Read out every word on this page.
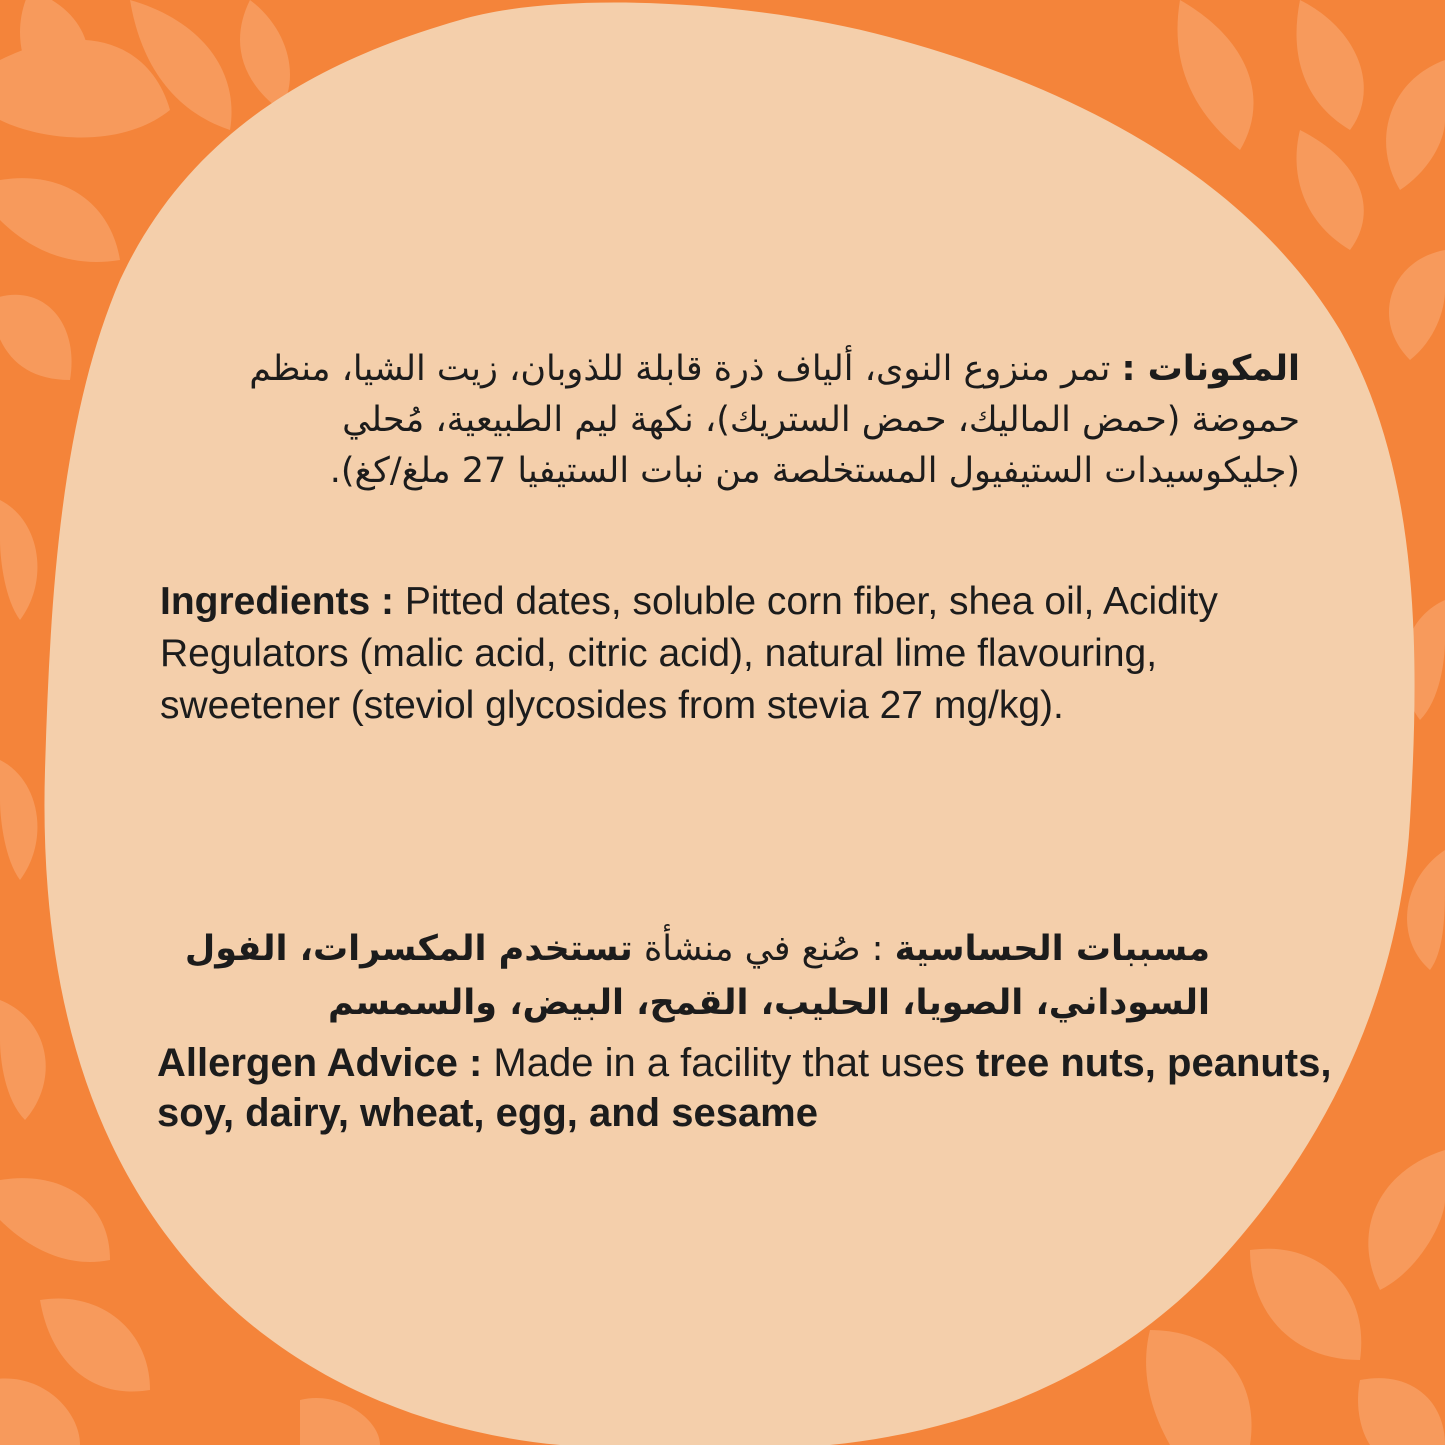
المكونات : تمر منزوع النوى، ألياف ذرة قابلة للذوبان، زيت الشيا، منظم حموضة (حمض الماليك، حمض الستريك)، نكهة ليم الطبيعية، مُحلي (جليكوسيدات الستيفيول المستخلصة من نبات الستيفيا 27 ملغ/كغ).

Ingredients : Pitted dates, soluble corn fiber, shea oil, Acidity Regulators (malic acid, citric acid), natural lime flavouring, sweetener (steviol glycosides from stevia 27 mg/kg).

مسببات الحساسية : صُنع في منشأة تستخدم المكسرات، الفول السوداني، الصويا، الحليب، القمح، البيض، والسمسم

Allergen Advice : Made in a facility that uses tree nuts, peanuts, soy, dairy, wheat, egg, and sesame
